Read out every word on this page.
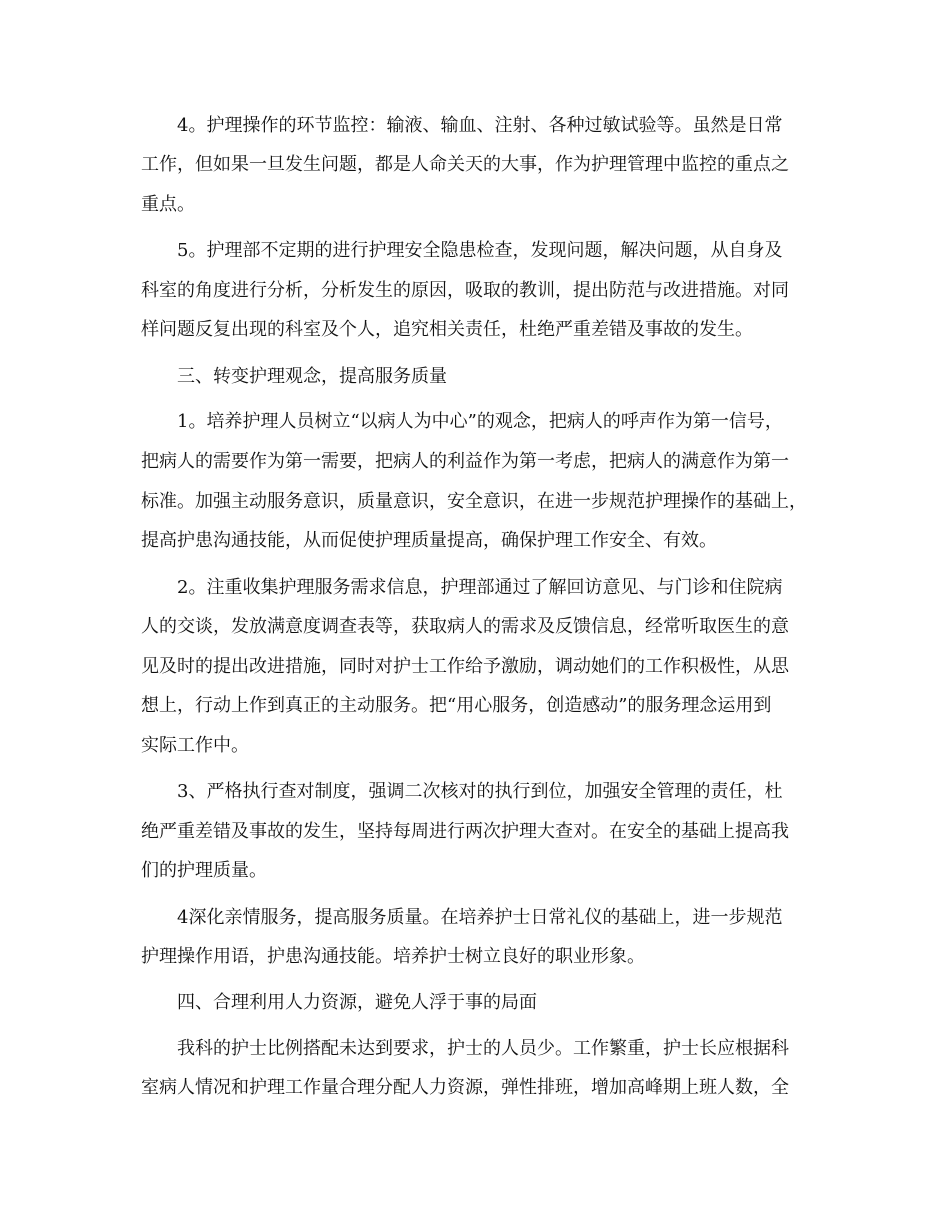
4。护理操作的环节监控：输液、输血、注射、各种过敏试验等。虽然是日常

工作，但如果一旦发生问题，都是人命关天的大事，作为护理管理中监控的重点之

重点。

5。护理部不定期的进行护理安全隐患检查，发现问题，解决问题，从自身及

科室的角度进行分析，分析发生的原因，吸取的教训，提出防范与改进措施。对同

样问题反复出现的科室及个人，追究相关责任，杜绝严重差错及事故的发生。

三、转变护理观念，提高服务质量

1。培养护理人员树立“以病人为中心”的观念，把病人的呼声作为第一信号，

把病人的需要作为第一需要，把病人的利益作为第一考虑，把病人的满意作为第一

标准。加强主动服务意识，质量意识，安全意识，在进一步规范护理操作的基础上，

提高护患沟通技能，从而促使护理质量提高，确保护理工作安全、有效。

2。注重收集护理服务需求信息，护理部通过了解回访意见、与门诊和住院病

人的交谈，发放满意度调查表等，获取病人的需求及反馈信息，经常听取医生的意

见及时的提出改进措施，同时对护士工作给予激励，调动她们的工作积极性，从思

想上，行动上作到真正的主动服务。把“用心服务，创造感动”的服务理念运用到

实际工作中。

3、严格执行查对制度，强调二次核对的执行到位，加强安全管理的责任，杜

绝严重差错及事故的发生，坚持每周进行两次护理大查对。在安全的基础上提高我

们的护理质量。

4深化亲情服务，提高服务质量。在培养护士日常礼仪的基础上，进一步规范

护理操作用语，护患沟通技能。培养护士树立良好的职业形象。

四、合理利用人力资源，避免人浮于事的局面

我科的护士比例搭配未达到要求，护士的人员少。工作繁重，护士长应根据科

室病人情况和护理工作量合理分配人力资源，弹性排班，增加高峰期上班人数，全
